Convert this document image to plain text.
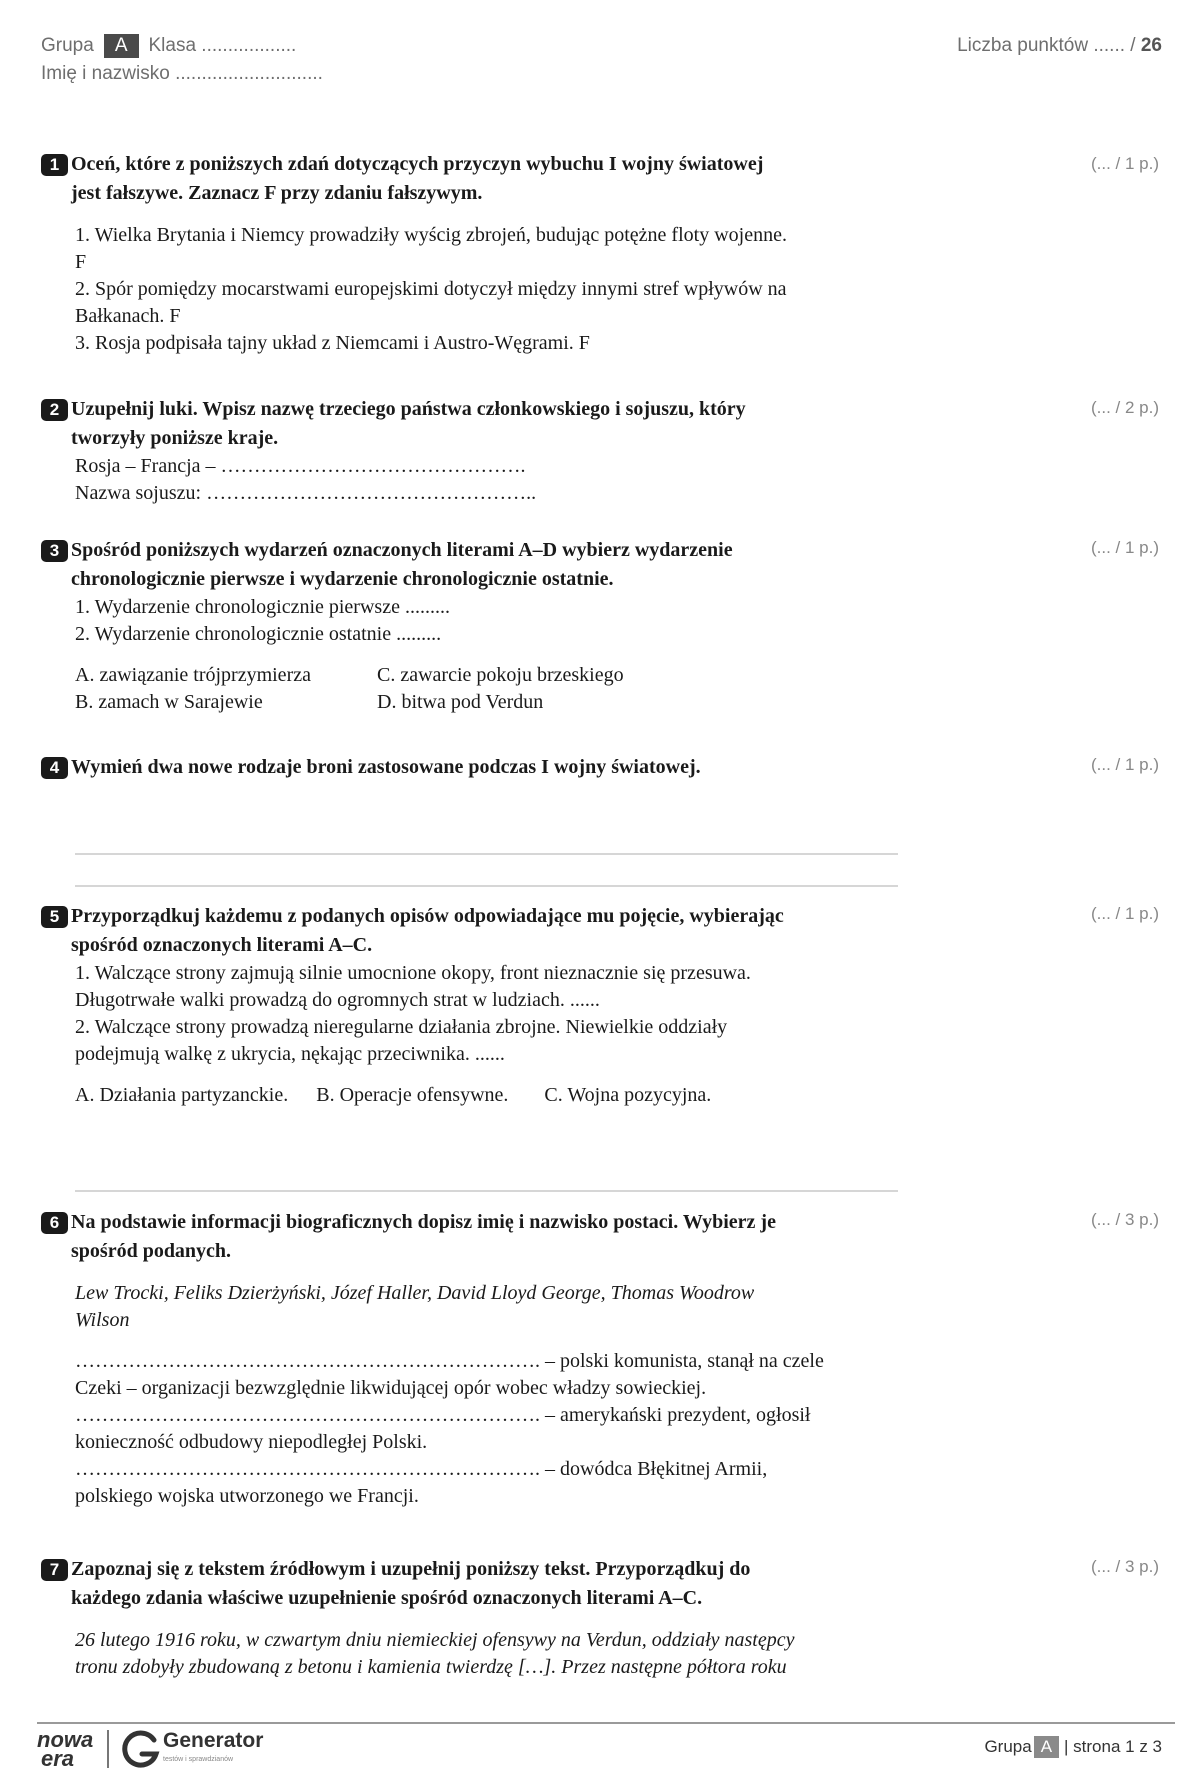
Grupa	A	Klasa ..................
Imię i nazwisko ............................
Liczba punktów ...... / 26
1 Oceń, które z poniższych zdań dotyczących przyczyn wybuchu I wojny światowej
jest fałszywe. Zaznacz F przy zdaniu fałszywym.
1. Wielka Brytania i Niemcy prowadziły wyścig zbrojeń, budując potężne floty wojenne.
F
2. Spór pomiędzy mocarstwami europejskimi dotyczył między innymi stref wpływów na
Bałkanach. F
3. Rosja podpisała tajny układ z Niemcami i Austro-Węgrami. F
(... / 1 p.)
2 Uzupełnij luki. Wpisz nazwę trzeciego państwa członkowskiego i sojuszu, który
tworzyły poniższe kraje.
Rosja – Francja – ……………………………………….
Nazwa sojuszu: …………………………………………..
(... / 2 p.)
3 Spośród poniższych wydarzeń oznaczonych literami A–D wybierz wydarzenie
chronologicznie pierwsze i wydarzenie chronologicznie ostatnie.
1. Wydarzenie chronologicznie pierwsze .........
2. Wydarzenie chronologicznie ostatnie .........
A. zawiązanie trójprzymierza	C. zawarcie pokoju brzeskiego
B. zamach w Sarajewie	D. bitwa pod Verdun
(... / 1 p.)
4 Wymień dwa nowe rodzaje broni zastosowane podczas I wojny światowej.	(... / 1 p.)
5 Przyporządkuj każdemu z podanych opisów odpowiadające mu pojęcie, wybierając
spośród oznaczonych literami A–C.
1. Walczące strony zajmują silnie umocnione okopy, front nieznacznie się przesuwa.
Długotrwałe walki prowadzą do ogromnych strat w ludziach. ......
2. Walczące strony prowadzą nieregularne działania zbrojne. Niewielkie oddziały
podejmują walkę z ukrycia, nękając przeciwnika. ......
A. Działania partyzanckie. B. Operacje ofensywne. C. Wojna pozycyjna.
(... / 1 p.)
6 Na podstawie informacji biograficznych dopisz imię i nazwisko postaci. Wybierz je
spośród podanych.
Lew Trocki, Feliks Dzierżyński, Józef Haller, David Lloyd George, Thomas Woodrow
Wilson
……………………………………………………………. – polski komunista, stanął na czele
Czeki – organizacji bezwzględnie likwidującej opór wobec władzy sowieckiej.
……………………………………………………………. – amerykański prezydent, ogłosił
konieczność odbudowy niepodległej Polski.
……………………………………………………………. – dowódca Błękitnej Armii,
polskiego wojska utworzonego we Francji.
(... / 3 p.)
7 Zapoznaj się z tekstem źródłowym i uzupełnij poniższy tekst. Przyporządkuj do
każdego zdania właściwe uzupełnienie spośród oznaczonych literami A–C.
26 lutego 1916 roku, w czwartym dniu niemieckiej ofensywy na Verdun, oddziały następcy
tronu zdobyły zbudowaną z betonu i kamienia twierdzę […]. Przez następne półtora roku
(... / 3 p.)
nowa
era
Generator
testów i sprawdzianów
Grupa A | strona 1 z 3
